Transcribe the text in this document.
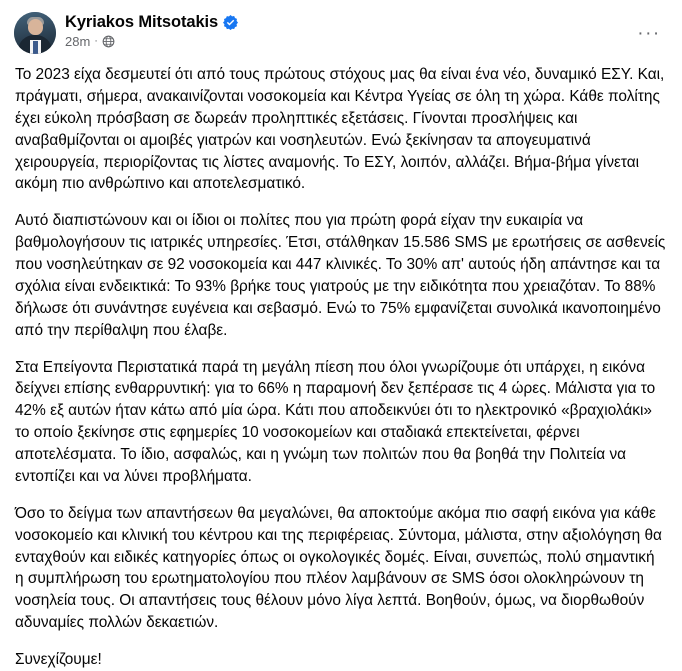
Kyriakos Mitsotakis
28m ·	···

Το 2023 είχα δεσμευτεί ότι από τους πρώτους στόχους μας θα είναι ένα νέο, δυναμικό ΕΣΥ. Και, πράγματι, σήμερα, ανακαινίζονται νοσοκομεία και Κέντρα Υγείας σε όλη τη χώρα. Κάθε πολίτης έχει εύκολη πρόσβαση σε δωρεάν προληπτικές εξετάσεις. Γίνονται προσλήψεις και αναβαθμίζονται οι αμοιβές γιατρών και νοσηλευτών. Ενώ ξεκίνησαν τα απογευματινά χειρουργεία, περιορίζοντας τις λίστες αναμονής. Το ΕΣΥ, λοιπόν, αλλάζει. Βήμα-βήμα γίνεται ακόμη πιο ανθρώπινο και αποτελεσματικό.

Αυτό διαπιστώνουν και οι ίδιοι οι πολίτες που για πρώτη φορά είχαν την ευκαιρία να βαθμολογήσουν τις ιατρικές υπηρεσίες. Έτσι, στάλθηκαν 15.586 SMS με ερωτήσεις σε ασθενείς που νοσηλεύτηκαν σε 92 νοσοκομεία και 447 κλινικές. Το 30% απ' αυτούς ήδη απάντησε και τα σχόλια είναι ενδεικτικά: Το 93% βρήκε τους γιατρούς με την ειδικότητα που χρειαζόταν. Το 88% δήλωσε ότι συνάντησε ευγένεια και σεβασμό. Ενώ το 75% εμφανίζεται συνολικά ικανοποιημένο από την περίθαλψη που έλαβε.

Στα Επείγοντα Περιστατικά παρά τη μεγάλη πίεση που όλοι γνωρίζουμε ότι υπάρχει, η εικόνα δείχνει επίσης ενθαρρυντική: για το 66% η παραμονή δεν ξεπέρασε τις 4 ώρες. Μάλιστα για το 42% εξ αυτών ήταν κάτω από μία ώρα. Κάτι που αποδεικνύει ότι το ηλεκτρονικό «βραχιολάκι» το οποίο ξεκίνησε στις εφημερίες 10 νοσοκομείων και σταδιακά επεκτείνεται, φέρνει αποτελέσματα. Το ίδιο, ασφαλώς, και η γνώμη των πολιτών που θα βοηθά την Πολιτεία να εντοπίζει και να λύνει προβλήματα.

Όσο το δείγμα των απαντήσεων θα μεγαλώνει, θα αποκτούμε ακόμα πιο σαφή εικόνα για κάθε νοσοκομείο και κλινική του κέντρου και της περιφέρειας. Σύντομα, μάλιστα, στην αξιολόγηση θα ενταχθούν και ειδικές κατηγορίες όπως οι ογκολογικές δομές. Είναι, συνεπώς, πολύ σημαντική η συμπλήρωση του ερωτηματολογίου που πλέον λαμβάνουν σε SMS όσοι ολοκληρώνουν τη νοσηλεία τους. Οι απαντήσεις τους θέλουν μόνο λίγα λεπτά. Βοηθούν, όμως, να διορθωθούν αδυναμίες πολλών δεκαετιών.

Συνεχίζουμε!
